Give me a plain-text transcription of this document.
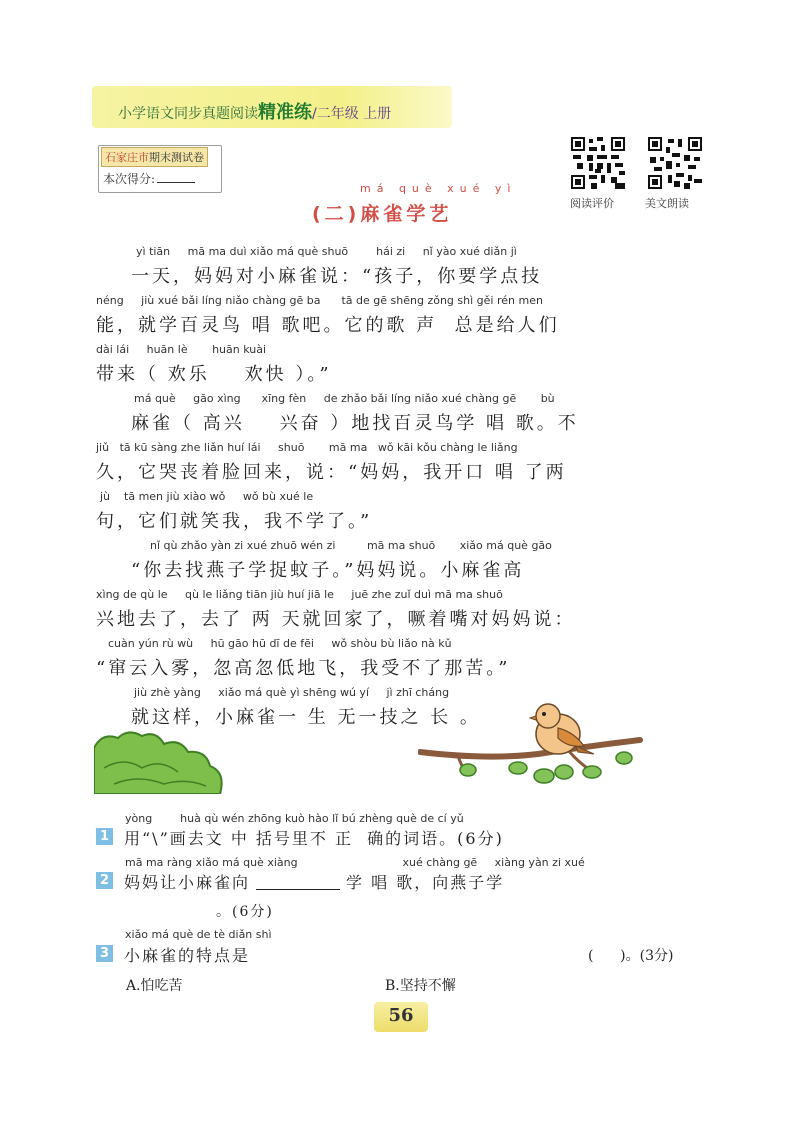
小学语文同步真题阅读精准练/二年级 上册
石家庄市期末测试卷
本次得分:
阅读评价	美文朗读
má què xué yì
(二)麻雀学艺
yì tiān     mā ma duì xiǎo má què shuō        hái zi     nǐ yào xué diǎn jì
一天，妈妈对小麻雀说：“孩子，你要学点技
néng     jiù xué bǎi líng niǎo chàng gē ba      tā de gē shēng zǒng shì gěi rén men
能，就学百灵鸟 唱 歌吧。它的歌 声  总是给人们
dài lái     huān lè       huān kuài
带来（ 欢乐    欢快 ）。”
má què     gāo xìng      xīng fèn     de zhǎo bǎi líng niǎo xué chàng gē       bù
麻雀（ 高兴    兴奋 ）地找百灵鸟学 唱 歌。不
jiǔ   tā kū sàng zhe liǎn huí lái     shuō       mā ma   wǒ kāi kǒu chàng le liǎng
久，它哭丧着脸回来，说：“妈妈，我开口 唱 了两
jù    tā men jiù xiào wǒ     wǒ bù xué le
句，它们就笑我，我不学了。”
nǐ qù zhǎo yàn zi xué zhuō wén zi         mā ma shuō       xiǎo má què gāo
“你去找燕子学捉蚊子。”妈妈说。小麻雀高
xìng de qù le     qù le liǎng tiān jiù huí jiā le     juē zhe zuǐ duì mā ma shuō
兴地去了，去了 两 天就回家了，噘着嘴对妈妈说：
cuàn yún rù wù     hū gāo hū dī de fēi     wǒ shòu bù liǎo nà kǔ
“窜云入雾，忽高忽低地飞，我受不了那苦。”
jiù zhè yàng     xiǎo má què yì shēng wú yí     jì zhī cháng
就这样，小麻雀一 生 无一技之 长 。
yòng        huà qù wén zhōng kuò hào lǐ bú zhèng què de cí yǔ
1 用“\”画去文 中 括号里不 正  确的词语。(6分)
mā ma ràng xiǎo má què xiàng                              xué chàng gē     xiàng yàn zi xué
2 妈妈让小麻雀向	学 唱 歌，向燕子学
。(6分)
xiǎo má què de tè diǎn shì
3 小麻雀的特点是	(      )。(3分)
A.怕吃苦	B.坚持不懈
56
